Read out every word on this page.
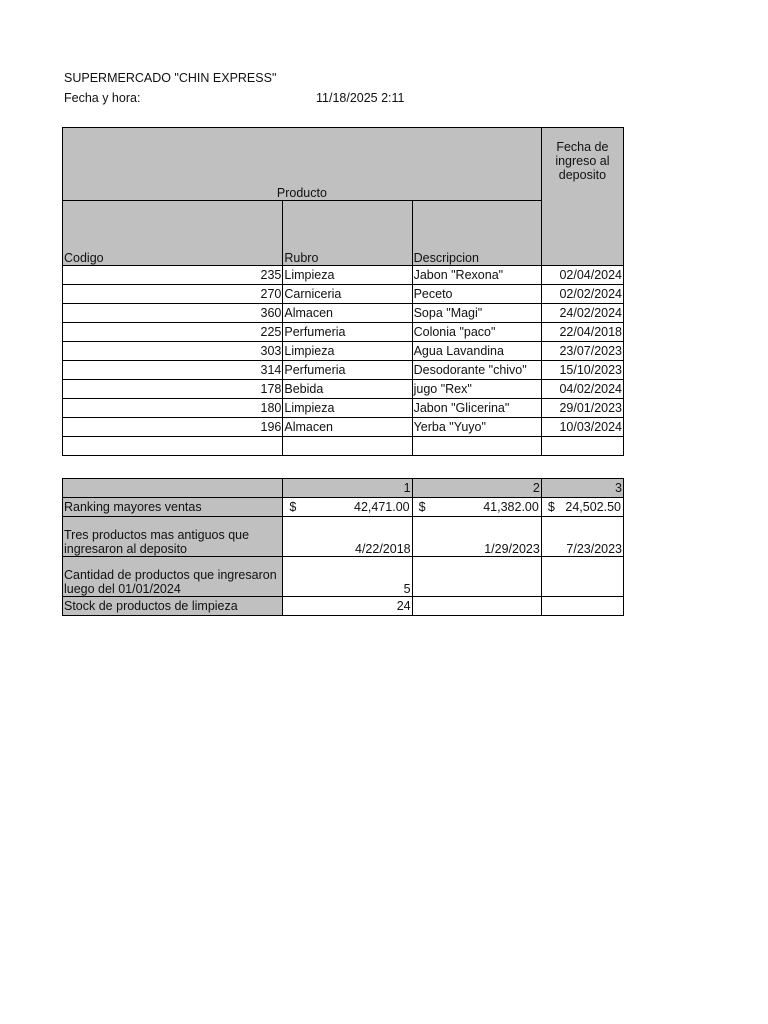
SUPERMERCADO "CHIN EXPRESS"
Fecha y hora:	11/18/2025 2:11
Producto			Fecha de ingreso al deposito
Codigo	Rubro	Descripcion	
235	Limpieza	Jabon "Rexona"	02/04/2024
270	Carniceria	Peceto	02/02/2024
360	Almacen	Sopa "Magi"	24/02/2024
225	Perfumeria	Colonia "paco"	22/04/2018
303	Limpieza	Agua Lavandina	23/07/2023
314	Perfumeria	Desodorante "chivo"	15/10/2023
178	Bebida	jugo "Rex"	04/02/2024
180	Limpieza	Jabon "Glicerina"	29/01/2023
196	Almacen	Yerba "Yuyo"	10/03/2024

	1	2	3
Ranking mayores ventas	$ 42,471.00	$ 41,382.00	$ 24,502.50

Tres productos mas antiguos que ingresaron al deposito	4/22/2018	1/29/2023	7/23/2023
Cantidad de productos que ingresaron luego del 01/01/2024	5		
Stock de productos de limpieza	24		
